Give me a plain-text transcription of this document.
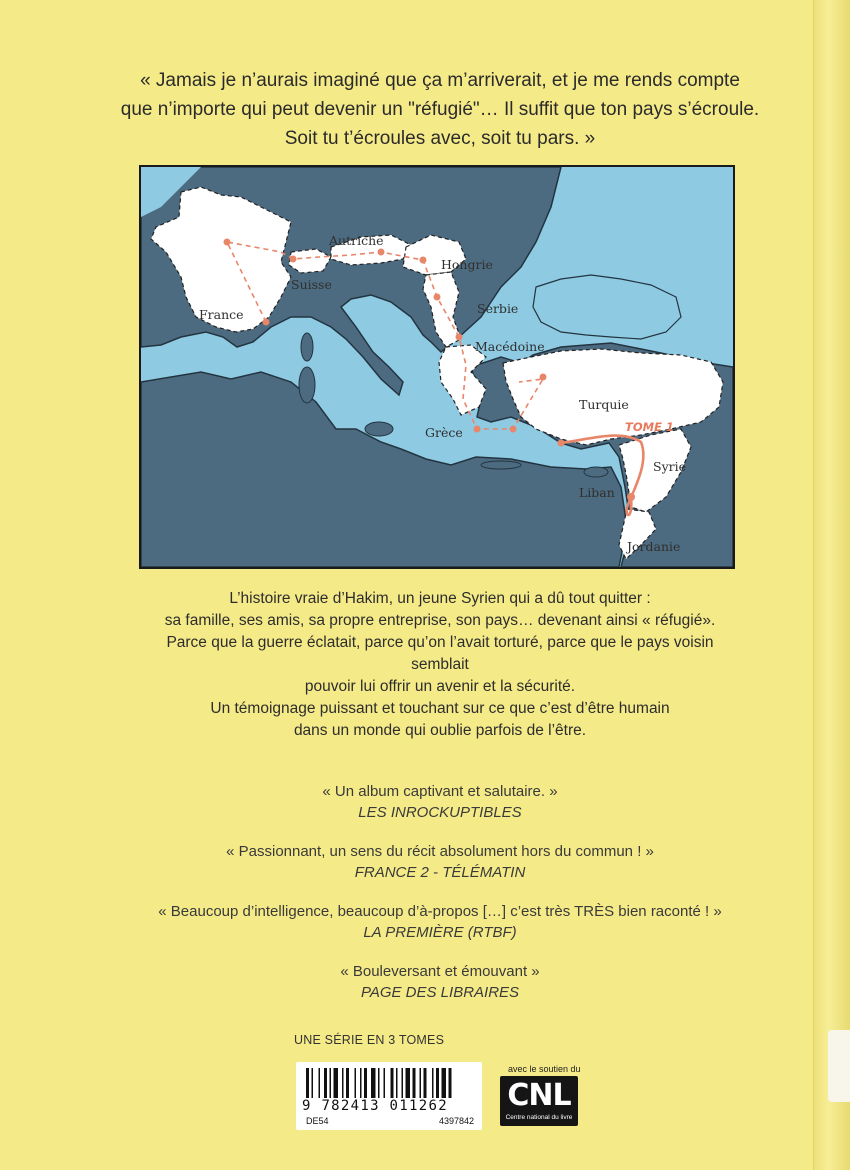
« Jamais je n’aurais imaginé que ça m’arriverait, et je me rends compte

que n’importe qui peut devenir un "réfugié"… Il suffit que ton pays s’écroule.

Soit tu t’écroules avec, soit tu pars. »

France
Suisse
Autriche
Hongrie
Serbie
Macédoine
Grèce
Turquie
Syrie
Liban
Jordanie
TOME 1

L’histoire vraie d’Hakim, un jeune Syrien qui a dû tout quitter :

sa famille, ses amis, sa propre entreprise, son pays… devenant ainsi « réfugié».

Parce que la guerre éclatait, parce qu’on l’avait torturé, parce que le pays voisin semblait

pouvoir lui offrir un avenir et la sécurité.

Un témoignage puissant et touchant sur ce que c’est d’être humain

dans un monde qui oublie parfois de l’être.

« Un album captivant et salutaire. »
LES INROCKUPTIBLES
« Passionnant, un sens du récit absolument hors du commun ! »
FRANCE 2 - TÉLÉMATIN
« Beaucoup d’intelligence, beaucoup d’à-propos […] c’est très TRÈS bien raconté ! »
LA PREMIÈRE (RTBF)
« Bouleversant et émouvant »
PAGE DES LIBRAIRES
UNE SÉRIE EN 3 TOMES
9 782413 011262
DE54	4397842
avec le soutien du
CNL
Centre national du livre
